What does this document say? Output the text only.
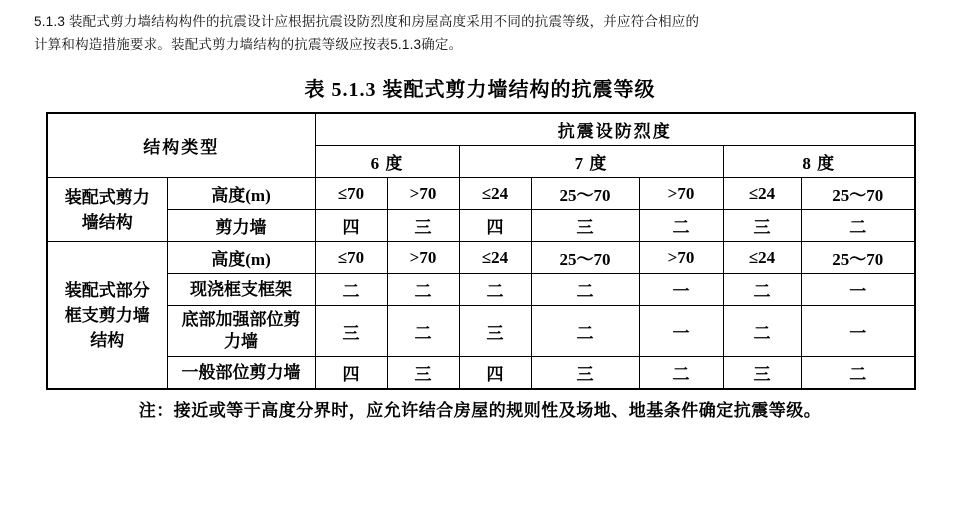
5.1.3 装配式剪力墙结构构件的抗震设计应根据抗震设防烈度和房屋高度采用不同的抗震等级，并应符合相应的

计算和构造措施要求。装配式剪力墙结构的抗震等级应按表5.1.3确定。

表 5.1.3 装配式剪力墙结构的抗震等级
结构类型		抗震设防烈度						
		6 度		7 度			8 度	
装配式剪力
墙结构	高度(m)	≤70	>70	≤24	25～70	>70	≤24	25～70
	剪力墙	四	三	四	三	二	三	二
装配式部分
框支剪力墙
结构	高度(m)	≤70	>70	≤24	25～70	>70	≤24	25～70
	现浇框支框架	二	二	二	二	一	二	一
	底部加强部位剪
力墙	三	二	三	二	一	二	一
	一般部位剪力墙	四	三	四	三	二	三	二
注：接近或等于高度分界时，应允许结合房屋的规则性及场地、地基条件确定抗震等级。
